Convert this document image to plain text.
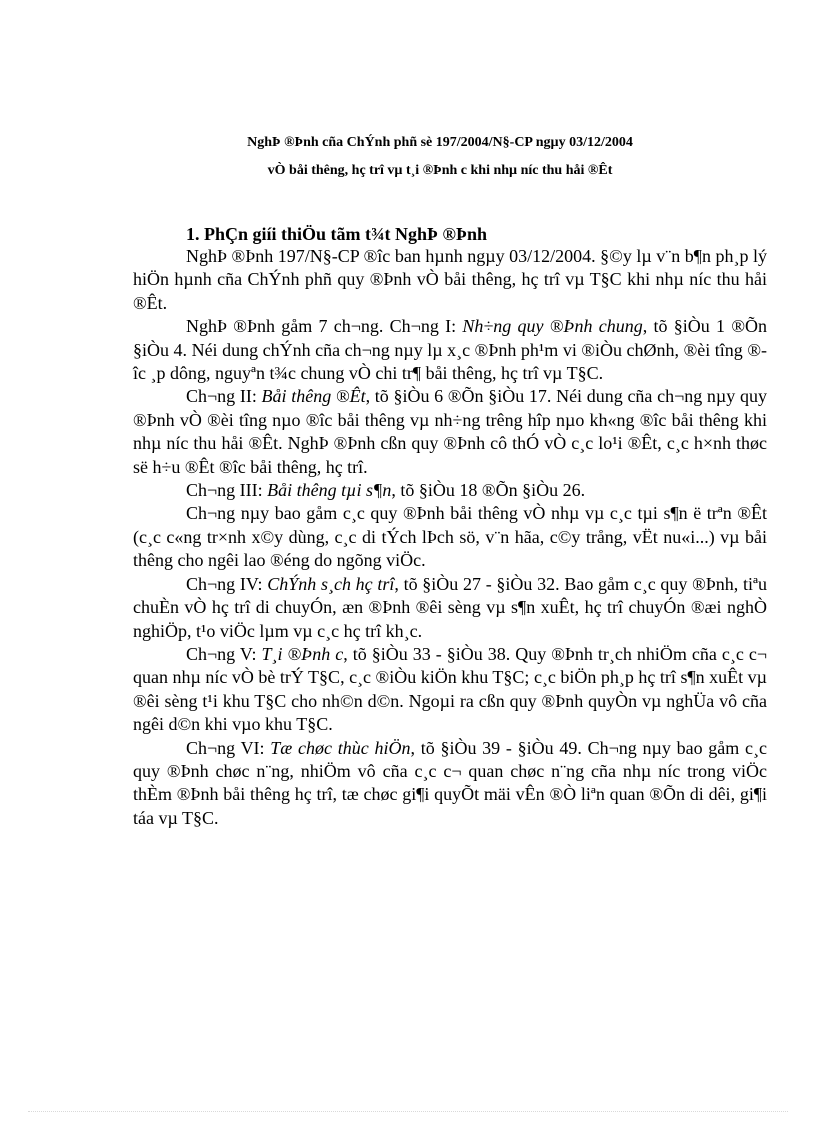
NghÞ ®Þnh cña ChÝnh phñ sè 197/2004/N§-CP ngµy 03/12/2004
vÒ båi thêng, hç trî vµ t¸i ®Þnh c khi nhµ níc thu håi ®Êt
1. PhÇn giíi thiÖu tãm t¾t NghÞ ®Þnh

NghÞ ®Þnh 197/N§-CP ®îc ban hµnh ngµy 03/12/2004. §©y lµ v¨n b¶n ph¸p lý hiÖn hµnh cña ChÝnh phñ quy ®Þnh vÒ båi thêng, hç trî vµ T§C khi nhµ níc thu håi ®Êt.

NghÞ ®Þnh gåm 7 ch¬ng. Ch¬ng I: Nh÷ng quy ®Þnh chung, tõ §iÒu 1 ®Õn §iÒu 4. Néi dung chÝnh cña ch¬ng nµy lµ x¸c ®Þnh ph¹m vi ®iÒu chØnh, ®èi tîng ®îc ¸p dông, nguyªn t¾c chung vÒ chi tr¶ båi thêng, hç trî vµ T§C.

Ch¬ng II: Båi thêng ®Êt, tõ §iÒu 6 ®Õn §iÒu 17. Néi dung cña ch¬ng nµy quy ®Þnh vÒ ®èi tîng nµo ®îc båi thêng vµ nh÷ng trêng hîp nµo kh«ng ®îc båi thêng khi nhµ níc thu håi ®Êt. NghÞ ®Þnh cßn quy ®Þnh cô thÓ vÒ c¸c lo¹i ®Êt, c¸c h×nh thøc së h÷u ®Êt ®îc båi thêng, hç trî.

Ch¬ng III: Båi thêng tµi s¶n, tõ §iÒu 18 ®Õn §iÒu 26.

Ch¬ng nµy bao gåm c¸c quy ®Þnh båi thêng vÒ nhµ vµ c¸c tµi s¶n ë trªn ®Êt (c¸c c«ng tr×nh x©y dùng, c¸c di tÝch lÞch sö, v¨n hãa, c©y trång, vËt nu«i...) vµ båi thêng cho ngêi lao ®éng do ngõng viÖc.

Ch¬ng IV: ChÝnh s¸ch hç trî, tõ §iÒu 27 - §iÒu 32. Bao gåm c¸c quy ®Þnh, tiªu chuÈn vÒ hç trî di chuyÓn, æn ®Þnh ®êi sèng vµ s¶n xuÊt, hç trî chuyÓn ®æi nghÒ nghiÖp, t¹o viÖc lµm vµ c¸c hç trî kh¸c.

Ch¬ng V: T¸i ®Þnh c, tõ §iÒu 33 - §iÒu 38. Quy ®Þnh tr¸ch nhiÖm cña c¸c c¬ quan nhµ níc vÒ bè trÝ T§C, c¸c ®iÒu kiÖn khu T§C; c¸c biÖn ph¸p hç trî s¶n xuÊt vµ ®êi sèng t¹i khu T§C cho nh©n d©n. Ngoµi ra cßn quy ®Þnh quyÒn vµ nghÜa vô cña ngêi d©n khi vµo khu T§C.

Ch¬ng VI: Tæ chøc thùc hiÖn, tõ §iÒu 39 - §iÒu 49. Ch¬ng nµy bao gåm c¸c quy ®Þnh chøc n¨ng, nhiÖm vô cña c¸c c¬ quan chøc n¨ng cña nhµ níc trong viÖc thÈm ®Þnh båi thêng hç trî, tæ chøc gi¶i quyÕt mäi vÊn ®Ò liªn quan ®Õn di dêi, gi¶i táa vµ T§C.
